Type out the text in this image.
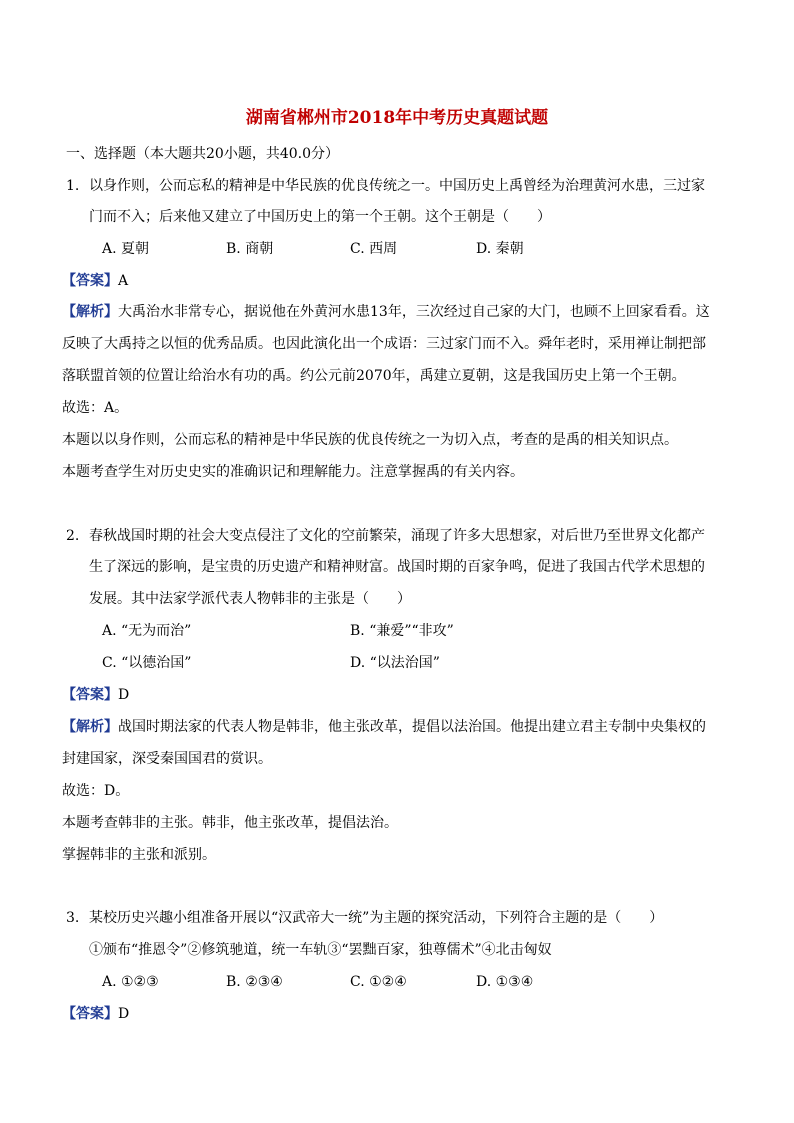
湖南省郴州市2018年中考历史真题试题
一、选择题（本大题共20小题，共40.0分）
1. 以身作则，公而忘私的精神是中华民族的优良传统之一。中国历史上禹曾经为治理黄河水患，三过家
门而不入；后来他又建立了中国历史上的第一个王朝。这个王朝是（　　）
A. 夏朝	B. 商朝	C. 西周	D. 秦朝
【答案】A
【解析】大禹治水非常专心，据说他在外黄河水患13年，三次经过自己家的大门，也顾不上回家看看。这
反映了大禹持之以恒的优秀品质。也因此演化出一个成语：三过家门而不入。舜年老时，采用禅让制把部
落联盟首领的位置让给治水有功的禹。约公元前2070年，禹建立夏朝，这是我国历史上第一个王朝。
故选：A。
本题以以身作则，公而忘私的精神是中华民族的优良传统之一为切入点，考查的是禹的相关知识点。
本题考查学生对历史史实的准确识记和理解能力。注意掌握禹的有关内容。
2. 春秋战国时期的社会大变点侵注了文化的空前繁荣，涌现了许多大思想家，对后世乃至世界文化都产
生了深远的影响，是宝贵的历史遗产和精神财富。战国时期的百家争鸣，促进了我国古代学术思想的
发展。其中法家学派代表人物韩非的主张是（　　）
A. “无为而治”	B. “兼爱”“非攻”
C. “以德治国”	D. “以法治国”
【答案】D
【解析】战国时期法家的代表人物是韩非，他主张改革，提倡以法治国。他提出建立君主专制中央集权的
封建国家，深受秦国国君的赏识。
故选：D。
本题考查韩非的主张。韩非，他主张改革，提倡法治。
掌握韩非的主张和派别。
3. 某校历史兴趣小组准备开展以“汉武帝大一统”为主题的探究活动，下列符合主题的是（　　）
①颁布“推恩令”②修筑驰道，统一车轨③“罢黜百家，独尊儒术”④北击匈奴
A. ①②③	B. ②③④	C. ①②④	D. ①③④
【答案】D
